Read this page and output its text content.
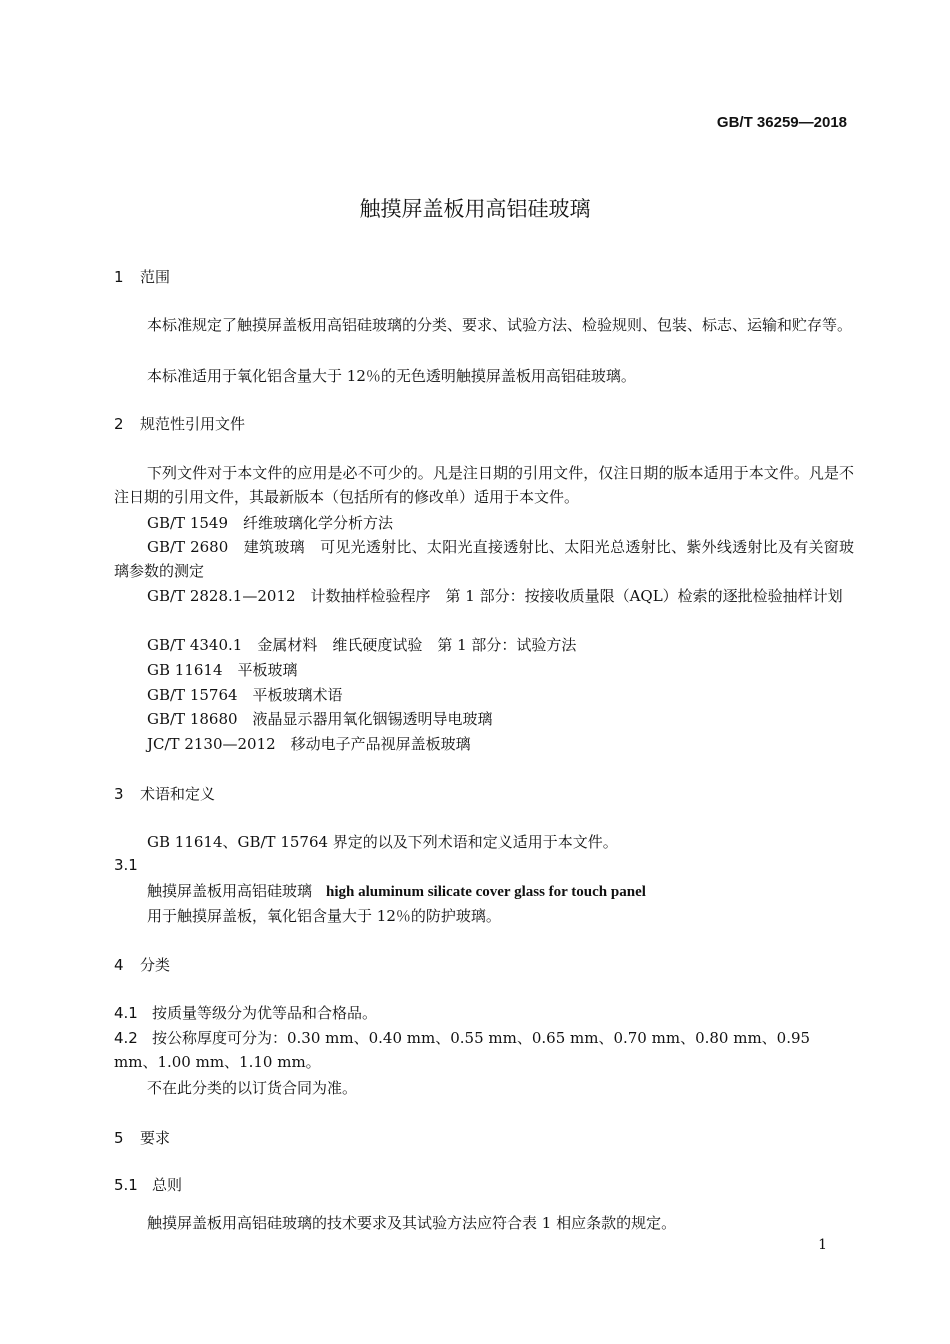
GB/T 36259—2018
触摸屏盖板用高铝硅玻璃
1 范围
本标准规定了触摸屏盖板用高铝硅玻璃的分类、要求、试验方法、检验规则、包装、标志、运输和贮存等。
本标准适用于氧化铝含量大于 12％的无色透明触摸屏盖板用高铝硅玻璃。
2 规范性引用文件
下列文件对于本文件的应用是必不可少的。凡是注日期的引用文件，仅注日期的版本适用于本文件。凡是不注日期的引用文件，其最新版本（包括所有的修改单）适用于本文件。
GB/T 1549　纤维玻璃化学分析方法
GB/T 2680　建筑玻璃　可见光透射比、太阳光直接透射比、太阳光总透射比、紫外线透射比及有关窗玻璃参数的测定
GB/T 2828.1—2012　计数抽样检验程序　第 1 部分：按接收质量限（AQL）检索的逐批检验抽样计划
GB/T 4340.1　金属材料　维氏硬度试验　第 1 部分：试验方法
GB 11614　平板玻璃
GB/T 15764　平板玻璃术语
GB/T 18680　液晶显示器用氧化铟锡透明导电玻璃
JC/T 2130—2012　移动电子产品视屏盖板玻璃
3 术语和定义
GB 11614、GB/T 15764 界定的以及下列术语和定义适用于本文件。
3.1
触摸屏盖板用高铝硅玻璃 high aluminum silicate cover glass for touch panel
用于触摸屏盖板，氧化铝含量大于 12％的防护玻璃。
4 分类
4.1 按质量等级分为优等品和合格品。
4.2 按公称厚度可分为：0.30 mm、0.40 mm、0.55 mm、0.65 mm、0.70 mm、0.80 mm、0.95 mm、1.00 mm、1.10 mm。
不在此分类的以订货合同为准。
5 要求
5.1 总则
触摸屏盖板用高铝硅玻璃的技术要求及其试验方法应符合表 1 相应条款的规定。
1
